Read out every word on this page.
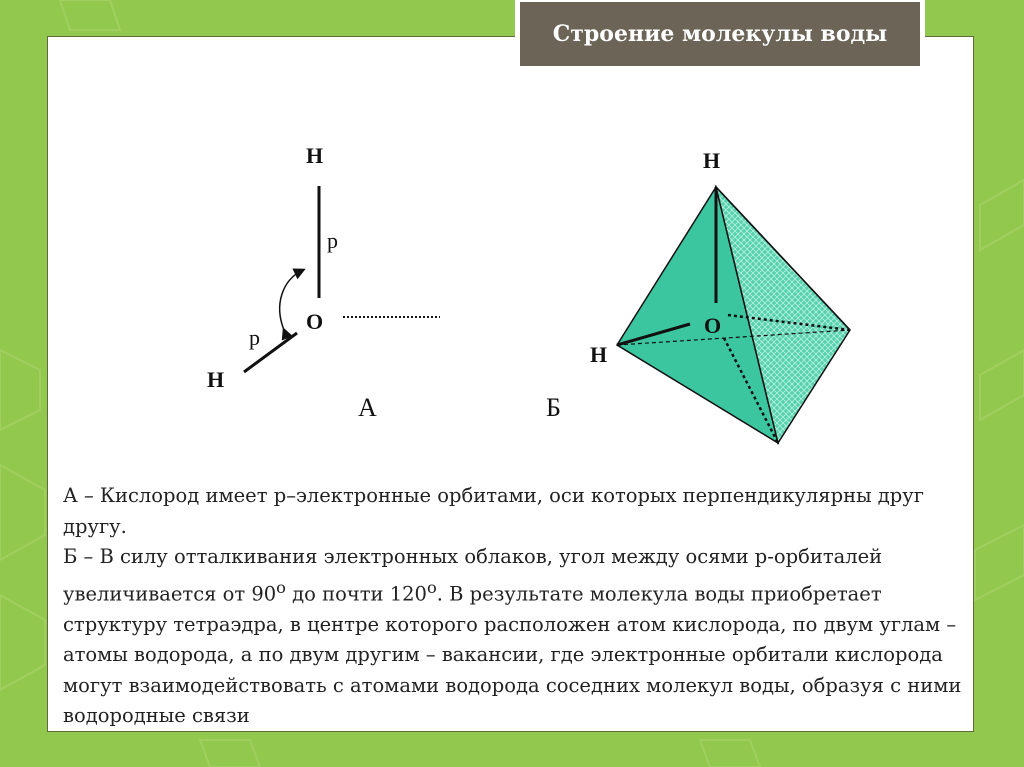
Строение молекулы воды
H
p
O
p
H
А
H
O
H
Б

А – Кислород имеет р–электронные орбитами, оси которых перпендикулярны друг другу.

Б – В силу отталкивания электронных облаков, угол между осями р-орбиталей увеличивается от $90^о$ до почти $120^о$. В результате молекула воды приобретает структуру тетраэдра, в центре которого расположен атом кислорода, по двум углам – атомы водорода, а по двум другим – вакансии, где электронные орбитали кислорода могут взаимодействовать с атомами водорода соседних молекул воды, образуя с ними водородные связи
